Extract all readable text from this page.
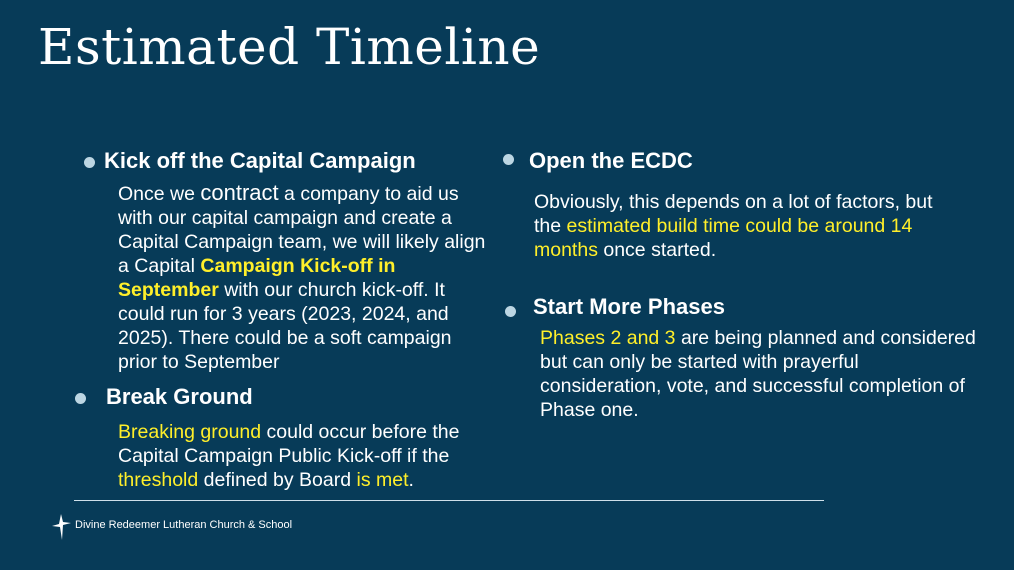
Estimated Timeline
Kick off the Capital Campaign

Once we contract a company to aid us with our capital campaign and create a Capital Campaign team, we will likely align a Capital Campaign Kick-off in September with our church kick-off. It could run for 3 years (2023, 2024, and 2025). There could be a soft campaign prior to September

Break Ground

Breaking ground could occur before the Capital Campaign Public Kick-off if the threshold defined by Board is met.

Open the ECDC

Obviously, this depends on a lot of factors, but the estimated build time could be around 14 months once started.

Start More Phases

Phases 2 and 3 are being planned and considered but can only be started with prayerful consideration, vote, and successful completion of Phase one.

Divine Redeemer Lutheran Church & School
